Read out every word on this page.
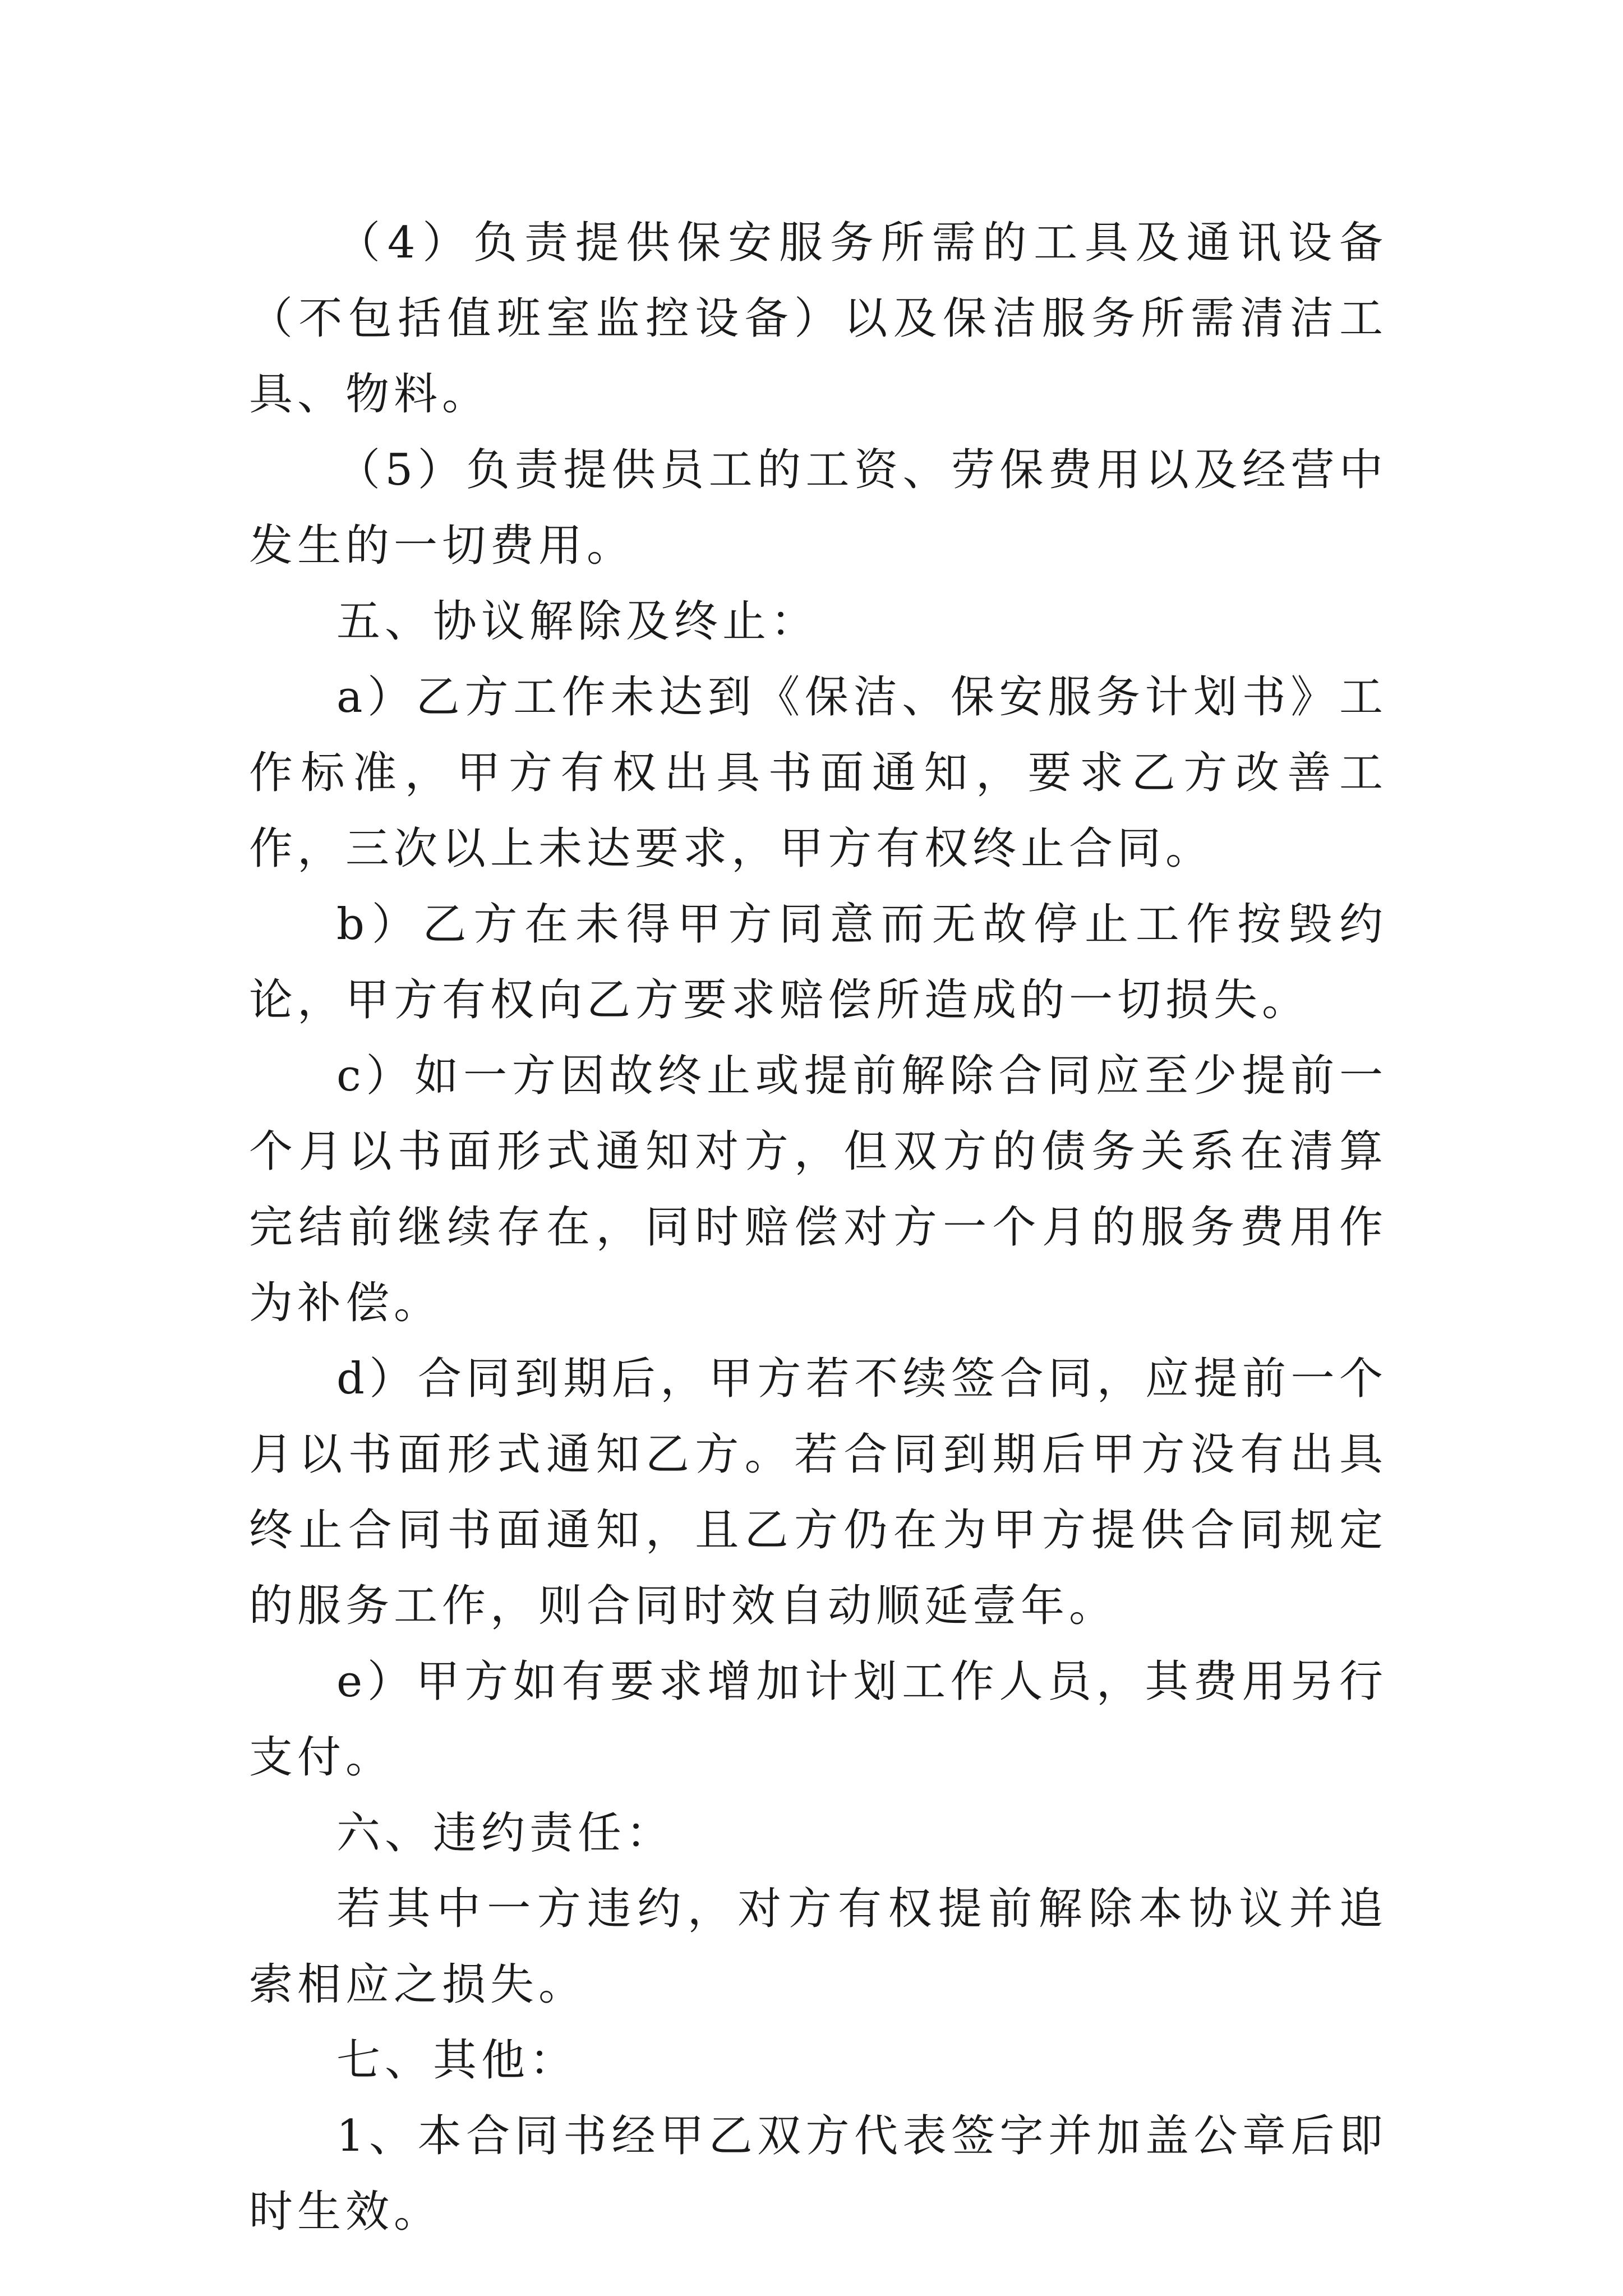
（4）负责提供保安服务所需的工具及通讯设备（不包括值班室监控设备）以及保洁服务所需清洁工具、物料。

（5）负责提供员工的工资、劳保费用以及经营中发生的一切费用。

五、协议解除及终止：

a）乙方工作未达到《保洁、保安服务计划书》工作标准，甲方有权出具书面通知，要求乙方改善工作，三次以上未达要求，甲方有权终止合同。

b）乙方在未得甲方同意而无故停止工作按毁约论，甲方有权向乙方要求赔偿所造成的一切损失。

c）如一方因故终止或提前解除合同应至少提前一个月以书面形式通知对方，但双方的债务关系在清算完结前继续存在，同时赔偿对方一个月的服务费用作为补偿。

d）合同到期后，甲方若不续签合同，应提前一个月以书面形式通知乙方。若合同到期后甲方没有出具终止合同书面通知，且乙方仍在为甲方提供合同规定的服务工作，则合同时效自动顺延壹年。

e）甲方如有要求增加计划工作人员，其费用另行支付。

六、违约责任：

若其中一方违约，对方有权提前解除本协议并追索相应之损失。

七、其他：

1、本合同书经甲乙双方代表签字并加盖公章后即时生效。
